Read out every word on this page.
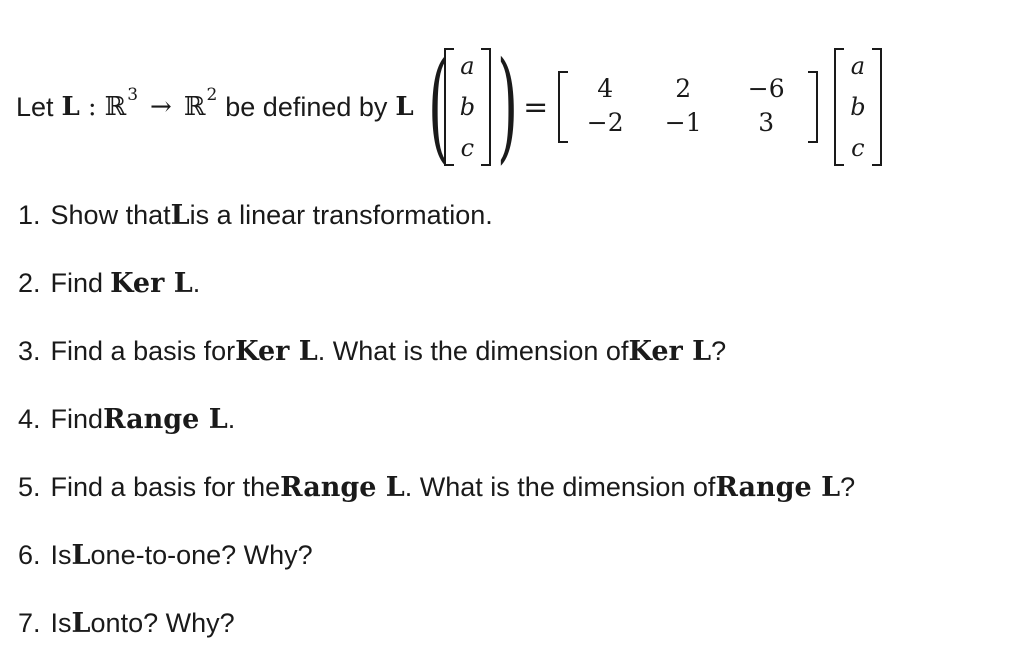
Let L : ℝ 3 → ℝ 2 be defined by L ( a
b
c ) =
4 2 −6
−2 −1 3
a
b
c
1. Show that L is a linear transformation.
2. Find Ker L .
3. Find a basis for Ker L . What is the dimension of Ker L ?
4. Find Range L .
5. Find a basis for the Range L . What is the dimension of Range L ?
6. Is L one-to-one? Why?
7. Is L onto? Why?
